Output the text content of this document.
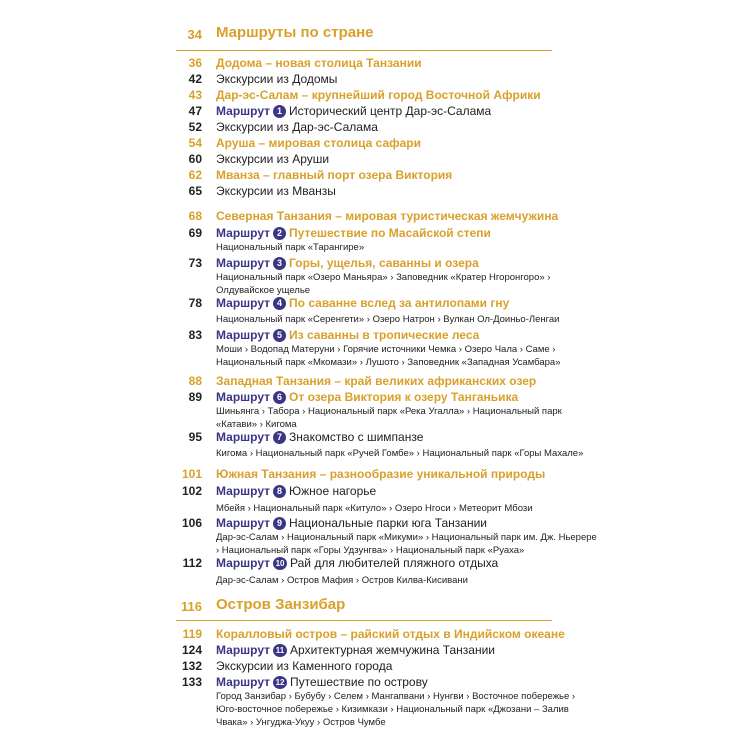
34 Маршруты по стране
36 Додома – новая столица Танзании
42 Экскурсии из Додомы
43 Дар-эс-Салам – крупнейший город Восточной Африки
47 Маршрут 1 Исторический центр Дар-эс-Салама
52 Экскурсии из Дар-эс-Салама
54 Аруша – мировая столица сафари
60 Экскурсии из Аруши
62 Мванза – главный порт озера Виктория
65 Экскурсии из Мванзы
68 Северная Танзания – мировая туристическая жемчужина
69 Маршрут 2 Путешествие по Масайской степи
Национальный парк «Тарангире»
73 Маршрут 3 Горы, ущелья, саванны и озера
Национальный парк «Озеро Маньяра» › Заповедник «Кратер Нгоронгоро» ›
Олдувайское ущелье
78 Маршрут 4 По саванне вслед за антилопами гну
Национальный парк «Серенгети» › Озеро Натрон › Вулкан Ол-Доиньо-Ленгаи
83 Маршрут 5 Из саванны в тропические леса
Моши › Водопад Матеруни › Горячие источники Чемка › Озеро Чала › Саме ›
Национальный парк «Мкомази» › Лушото › Заповедник «Западная Усамбара»
88 Западная Танзания – край великих африканских озер
89 Маршрут 6 От озера Виктория к озеру Танганьика
Шиньянга › Табора › Национальный парк «Река Угалла» › Национальный парк
«Катави» › Кигома
95 Маршрут 7 Знакомство с шимпанзе
Кигома › Национальный парк «Ручей Гомбе» › Национальный парк «Горы Махале»
101 Южная Танзания – разнообразие уникальной природы
102 Маршрут 8 Южное нагорье
Мбейя › Национальный парк «Китуло» › Озеро Нгоси › Метеорит Мбози
106 Маршрут 9 Национальные парки юга Танзании
Дар-эс-Салам › Национальный парк «Микуми» › Национальный парк им. Дж. Ньерере
› Национальный парк «Горы Удзунгва» › Национальный парк «Руаха»
112 Маршрут 10 Рай для любителей пляжного отдыха
Дар-эс-Салам › Остров Мафия › Остров Килва-Кисивани
116 Остров Занзибар
119 Коралловый остров – райский отдых в Индийском океане
124 Маршрут 11 Архитектурная жемчужина Танзании
132 Экскурсии из Каменного города
133 Маршрут 12 Путешествие по острову
Город Занзибар › Бубубу › Селем › Мангапвани › Нунгви › Восточное побережье ›
Юго-восточное побережье › Кизимкази › Национальный парк «Джозани – Залив
Чвака» › Унгуджа-Укуу › Остров Чумбе
